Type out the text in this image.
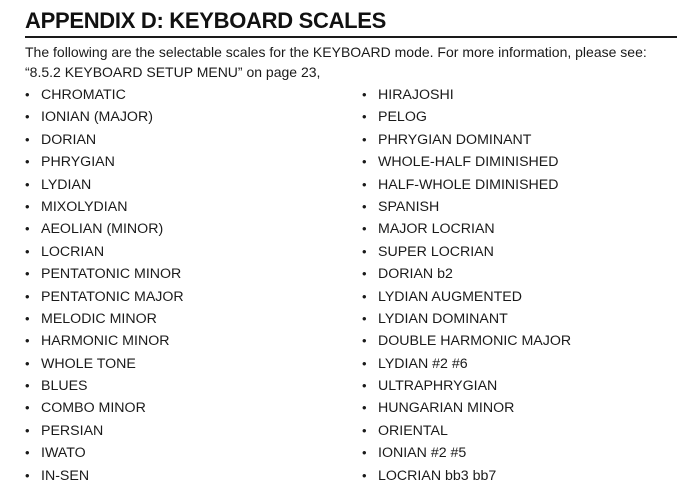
APPENDIX D: KEYBOARD SCALES

The following are the selectable scales for the KEYBOARD mode. For more information, please see: “8.5.2 KEYBOARD SETUP MENU” on page 23,

• CHROMATIC
• IONIAN (MAJOR)
• DORIAN
• PHRYGIAN
• LYDIAN
• MIXOLYDIAN
• AEOLIAN (MINOR)
• LOCRIAN
• PENTATONIC MINOR
• PENTATONIC MAJOR
• MELODIC MINOR
• HARMONIC MINOR
• WHOLE TONE
• BLUES
• COMBO MINOR
• PERSIAN
• IWATO
• IN-SEN
• HIRAJOSHI
• PELOG
• PHRYGIAN DOMINANT
• WHOLE-HALF DIMINISHED
• HALF-WHOLE DIMINISHED
• SPANISH
• MAJOR LOCRIAN
• SUPER LOCRIAN
• DORIAN b2
• LYDIAN AUGMENTED
• LYDIAN DOMINANT
• DOUBLE HARMONIC MAJOR
• LYDIAN #2 #6
• ULTRAPHRYGIAN
• HUNGARIAN MINOR
• ORIENTAL
• IONIAN #2 #5
• LOCRIAN bb3 bb7
